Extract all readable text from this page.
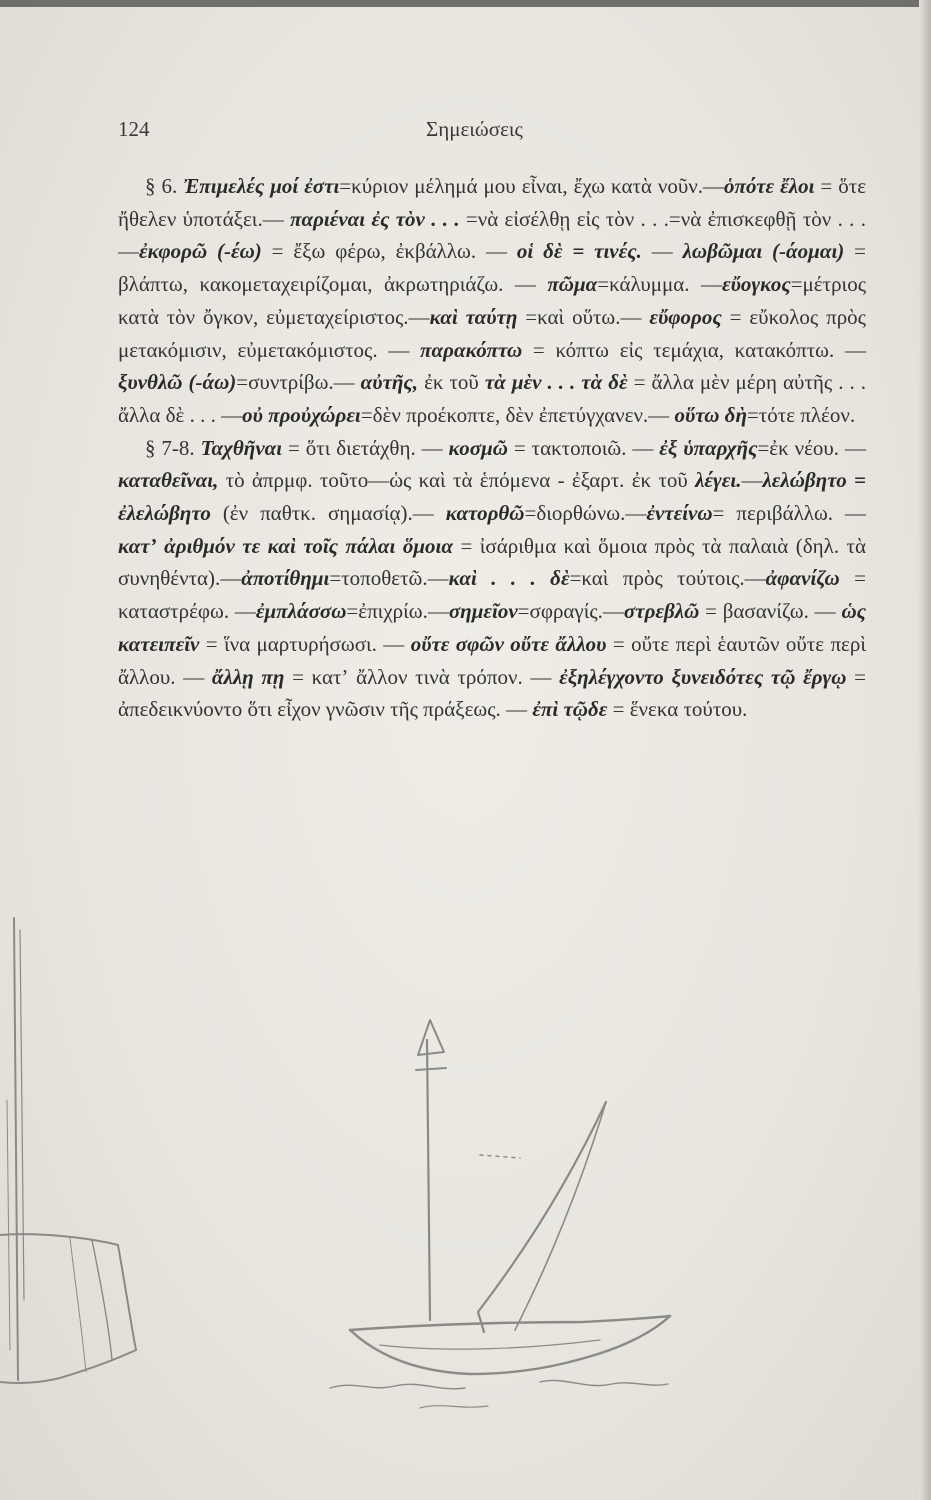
124	Σημειώσεις

§ 6. Ἐπιμελές μοί ἐστι=κύριον μέλημά μου εἶναι, ἔχω κατὰ νοῦν.—ὁπότε ἔλοι = ὅτε ἤθελεν ὑποτάξει.— παριέναι ἐς τὸν . . . =νὰ εἰσέλθῃ εἰς τὸν . . .=νὰ ἐπισκεφθῇ τὸν . . . —ἐκφορῶ (-έω) = ἔξω φέρω, ἐκβάλλω. — οἱ δὲ = τινές. — λωβῶμαι (-άομαι) = βλάπτω, κακομεταχειρίζομαι, ἀκρωτηριάζω. — πῶμα=κάλυμμα. —εὔογκος=μέτριος κατὰ τὸν ὄγκον, εὐμεταχείριστος.—καὶ ταύτῃ =καὶ οὕτω.— εὔφορος = εὔκολος πρὸς μετακόμισιν, εὐμετακόμιστος. — παρακόπτω = κόπτω εἰς τεμάχια, κατακόπτω. — ξυνθλῶ (-άω)=συντρίβω.— αὐτῆς, ἐκ τοῦ τὰ μὲν . . . τὰ δὲ = ἄλλα μὲν μέρη αὐτῆς . . . ἄλλα δὲ . . . —οὐ προὐχώρει=δὲν προέκοπτε, δὲν ἐπετύγχανεν.— οὕτω δὴ=τότε πλέον.

§ 7-8. Ταχθῆναι = ὅτι διετάχθη. — κοσμῶ = τακτοποιῶ. — ἐξ ὑπαρχῆς=ἐκ νέου. — καταθεῖναι, τὸ ἀπρμφ. τοῦτο—ὡς καὶ τὰ ἑπόμενα - ἐξαρτ. ἐκ τοῦ λέγει.—λελώβητο = ἐλελώβητο (ἐν παθτκ. σημασίᾳ).— κατορθῶ=διορθώνω.—ἐντείνω= περιβάλλω. — κατʼ ἀριθμόν τε καὶ τοῖς πάλαι ὅμοια = ἰσάριθμα καὶ ὅμοια πρὸς τὰ παλαιὰ (δηλ. τὰ συνηθέντα).—ἀποτίθημι=τοποθετῶ.—καὶ . . . δὲ=καὶ πρὸς τούτοις.—ἀφανίζω = καταστρέφω. —ἐμπλάσσω=ἐπιχρίω.—σημεῖον=σφραγίς.—στρεβλῶ = βασανίζω. — ὡς κατειπεῖν = ἵνα μαρτυρήσωσι. — οὔτε σφῶν οὔτε ἄλλου = οὔτε περὶ ἑαυτῶν οὔτε περὶ ἄλλου. — ἄλλῃ πῃ = κατʼ ἄλλον τινὰ τρόπον. — ἐξηλέγχοντο ξυνειδότες τῷ ἔργῳ = ἀπεδεικνύοντο ὅτι εἶχον γνῶσιν τῆς πράξεως. — ἐπὶ τῷδε = ἕνεκα τούτου.
